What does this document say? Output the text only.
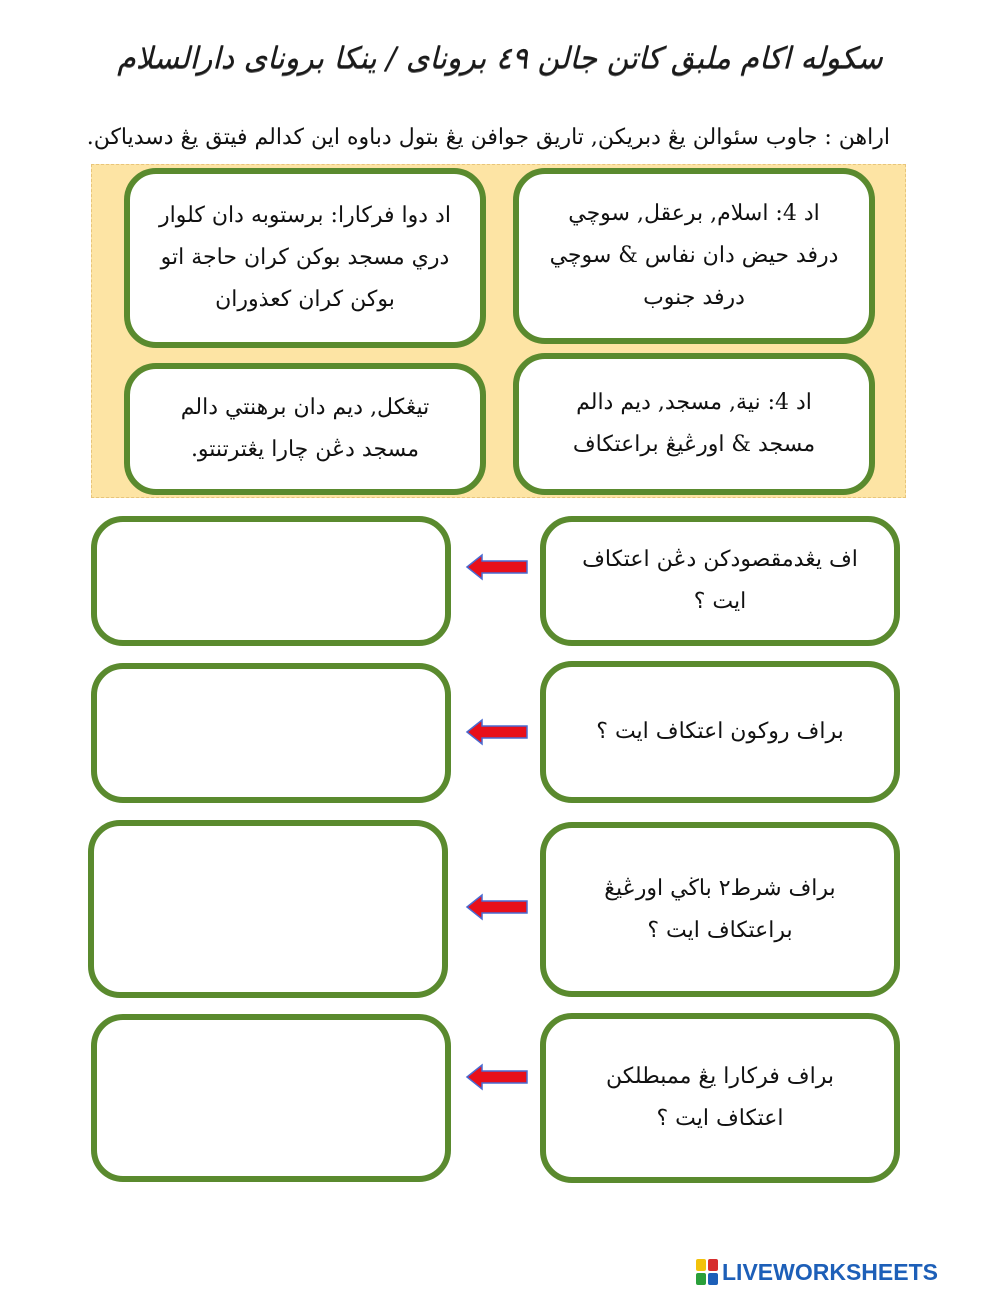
سکوله اکام ملبق کاتن جالن ٤٩ برونای / ينکا برونای دارالسلام
اراهن : جاوب سئوالن يڠ دبريکن, تاريق جوافن يڠ بتول دباوه اين کدالم فيتق يڠ دسدياکن.
اد 4: اسلام, برعقل, سوچي درفد حيض دان نفاس & سوچي درفد جنوب
اد دوا فرکارا: برستوبه دان کلوار دري مسجد بوکن کران حاجة اتو بوکن کران کعذوران
اد 4: نية, مسجد, ديم دالم مسجد & اورڠيڠ براعتکاف
تيڠکل, ديم دان برهنتي دالم مسجد دڠن چارا يڠترتنتو.
اف يڠدمقصودکن دڠن اعتکاف ايت ؟
براف روکون اعتکاف ايت ؟
براف شرط٢ باڬي اورڠيڠ براعتکاف ايت ؟
براف فرکارا يڠ ممبطلکن اعتکاف ايت ؟
LIVEWORKSHEETS
